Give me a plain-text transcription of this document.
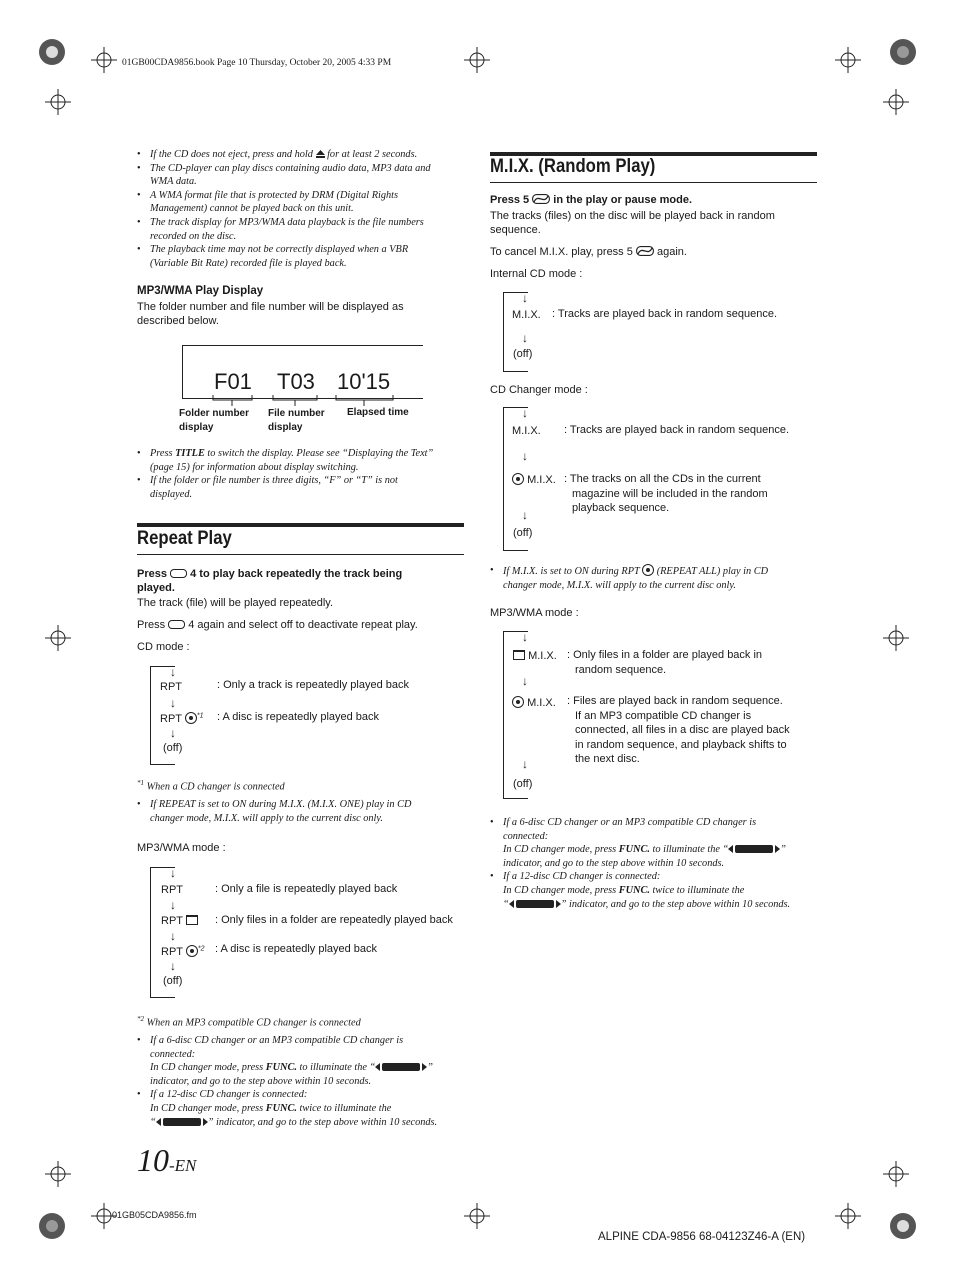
01GB00CDA9856.book Page 10 Thursday, October 20, 2005 4:33 PM
• If the CD does not eject, press and hold  for at least 2 seconds.
• The CD-player can play discs containing audio data, MP3 data and
WMA data.
• A WMA format file that is protected by DRM (Digital Rights
Management) cannot be played back on this unit.
• The track display for MP3/WMA data playback is the file numbers
recorded on the disc.
• The playback time may not be correctly displayed when a VBR
(Variable Bit Rate) recorded file is played back.
MP3/WMA Play Display
The folder number and file number will be displayed as
described below.
F01 T03 10'15
Folder number
display
File number
display
Elapsed time
• Press TITLE to switch the display. Please see “Displaying the Text”
(page 15) for information about display switching.
• If the folder or file number is three digits, “F” or “T” is not
displayed.
Repeat Play
Press 4 to play back repeatedly the track being
played.
The track (file) will be played repeatedly.
Press 4 again and select off to deactivate repeat play.
CD mode :
↓
RPT	: Only a track is repeatedly played back
↓
RPT $^{*1}$ : A disc is repeatedly played back
↓
(off)
$^{*1}$ When a CD changer is connected
• If REPEAT is set to ON during M.I.X. (M.I.X. ONE) play in CD
changer mode, M.I.X. will apply to the current disc only.
MP3/WMA mode :
↓
RPT	: Only a file is repeatedly played back
↓
RPT	: Only files in a folder are repeatedly played back
↓
RPT $^{*2}$ : A disc is repeatedly played back
↓
(off)
$^{*2}$ When an MP3 compatible CD changer is connected
• If a 6-disc CD changer or an MP3 compatible CD changer is
connected:
In CD changer mode, press FUNC. to illuminate the “	”
indicator, and go to the step above within 10 seconds.
• If a 12-disc CD changer is connected:
In CD changer mode, press FUNC. twice to illuminate the
“	” indicator, and go to the step above within 10 seconds.
M.I.X. (Random Play)
Press 5 in the play or pause mode.
The tracks (files) on the disc will be played back in random
sequence.
To cancel M.I.X. play, press 5 again.
Internal CD mode :
↓
M.I.X. : Tracks are played back in random sequence.
↓
(off)
CD Changer mode :
↓
M.I.X. : Tracks are played back in random sequence.
↓
M.I.X. : The tracks on all the CDs in the current
magazine will be included in the random
playback sequence.
↓
(off)
• If M.I.X. is set to ON during RPT (REPEAT ALL) play in CD
changer mode, M.I.X. will apply to the current disc only.
MP3/WMA mode :
↓
M.I.X. : Only files in a folder are played back in
random sequence.
↓
M.I.X. : Files are played back in random sequence.
If an MP3 compatible CD changer is
connected, all files in a disc are played back
in random sequence, and playback shifts to
the next disc.
↓
(off)
• If a 6-disc CD changer or an MP3 compatible CD changer is
connected:
In CD changer mode, press FUNC. to illuminate the “	”
indicator, and go to the step above within 10 seconds.
• If a 12-disc CD changer is connected:
In CD changer mode, press FUNC. twice to illuminate the
“	” indicator, and go to the step above within 10 seconds.
10-EN
01GB05CDA9856.fm
ALPINE CDA-9856 68-04123Z46-A (EN)
